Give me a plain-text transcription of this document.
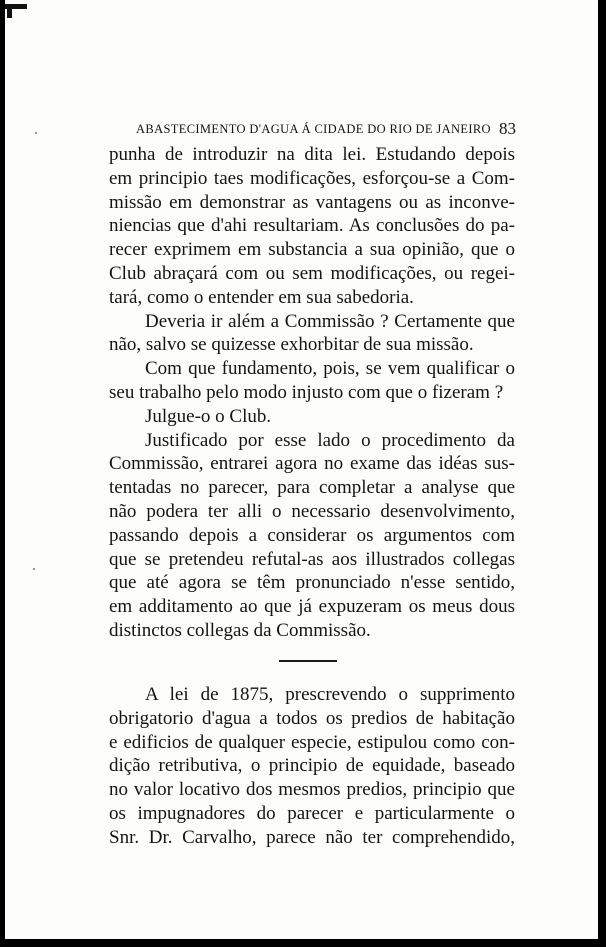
ABASTECIMENTO D'AGUA Á CIDADE DO RIO DE JANEIRO 83
punha de introduzir na dita lei. Estudando depois
em principio taes modificações, esforçou-se a Com-
missão em demonstrar as vantagens ou as inconve-
niencias que d'ahi resultariam. As conclusões do pa-
recer exprimem em substancia a sua opinião, que o
Club abraçará com ou sem modificações, ou regei-
tará, como o entender em sua sabedoria.
Deveria ir além a Commissão ? Certamente que
não, salvo se quizesse exhorbitar de sua missão.
Com que fundamento, pois, se vem qualificar o
seu trabalho pelo modo injusto com que o fizeram ?
Julgue-o o Club.
Justificado por esse lado o procedimento da
Commissão, entrarei agora no exame das idéas sus-
tentadas no parecer, para completar a analyse que
não podera ter alli o necessario desenvolvimento,
passando depois a considerar os argumentos com
que se pretendeu refutal-as aos illustrados collegas
que até agora se têm pronunciado n'esse sentido,
em additamento ao que já expuzeram os meus dous
distinctos collegas da Commissão.
A lei de 1875, prescrevendo o supprimento
obrigatorio d'agua a todos os predios de habitação
e edificios de qualquer especie, estipulou como con-
dição retributiva, o principio de equidade, baseado
no valor locativo dos mesmos predios, principio que
os impugnadores do parecer e particularmente o
Snr. Dr. Carvalho, parece não ter comprehendido,
